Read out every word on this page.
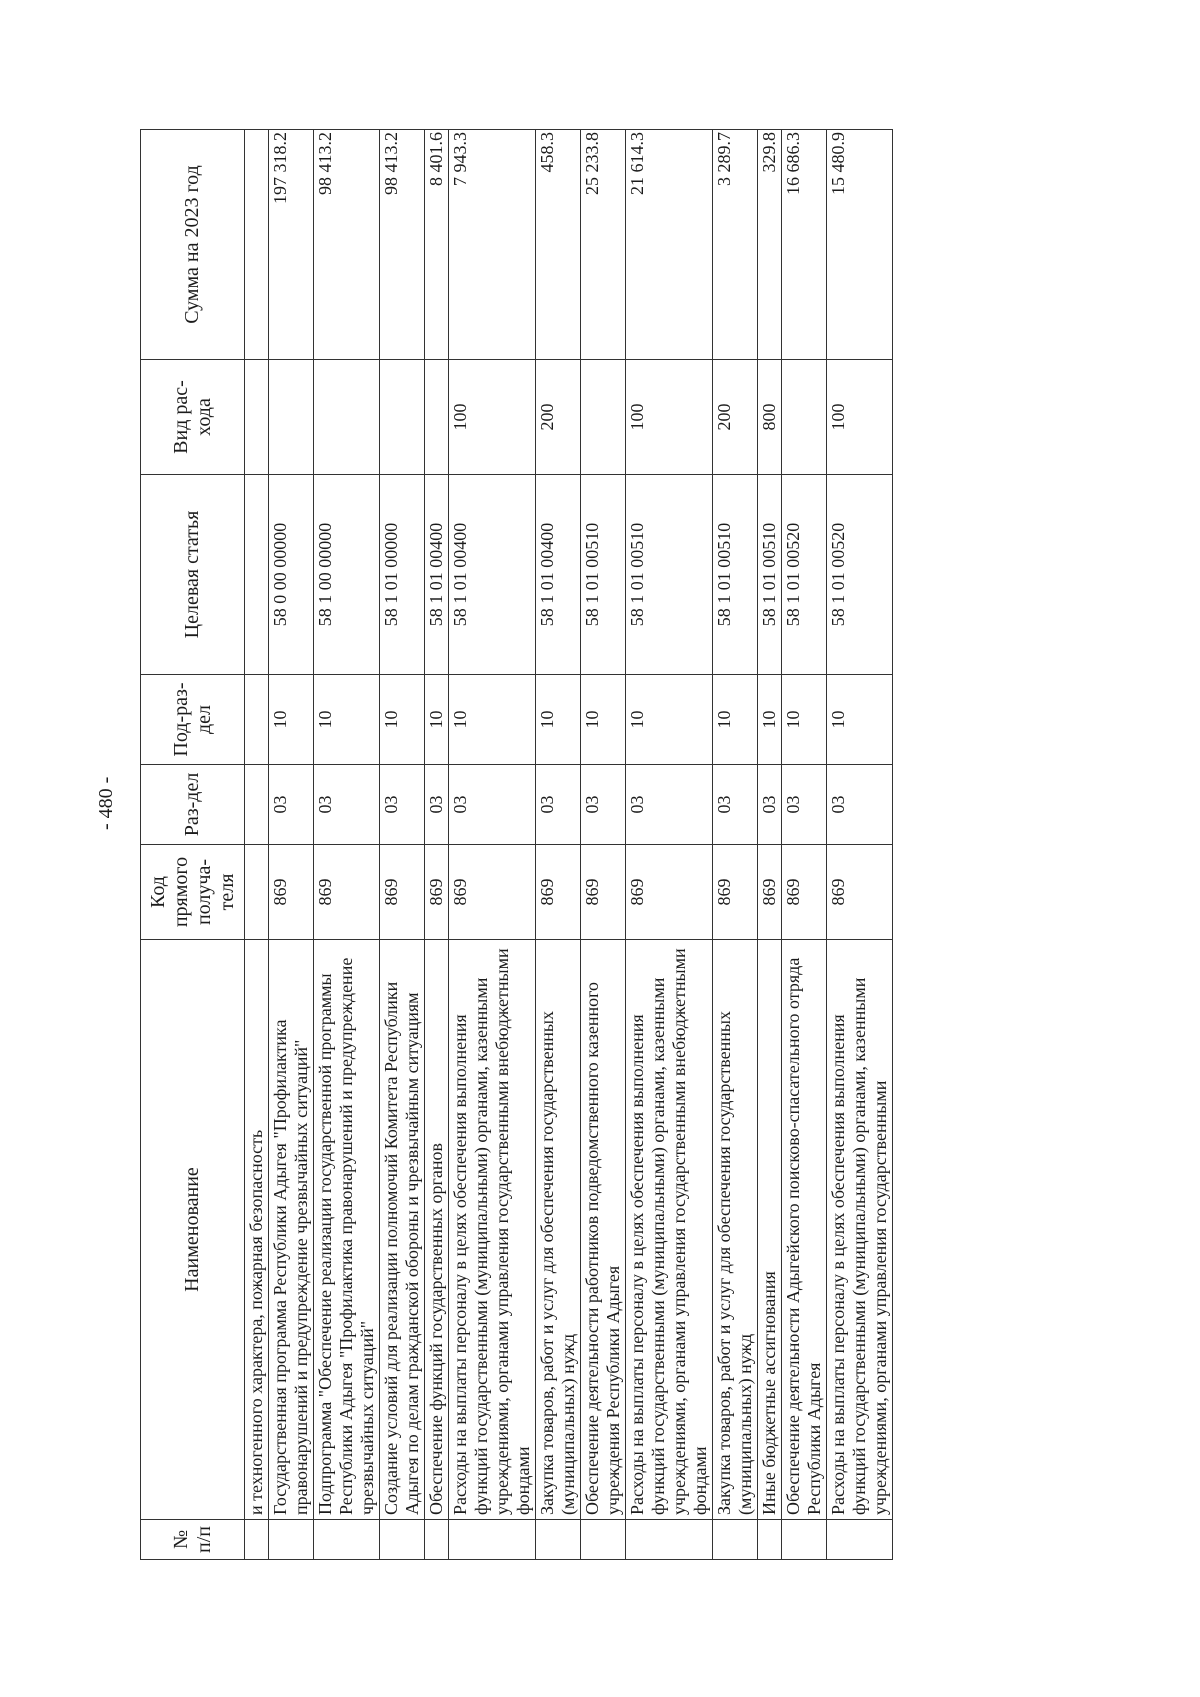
- 480 -
№ п/п	Наименование	Код прямого получа-теля	Раз-дел	Под-раз-дел	Целевая статья	Вид рас-хода	Сумма на 2023 год
	и техногенного характера, пожарная безопасность						
	Государственная программа Республики Адыгея "Профилактика правонарушений и предупреждение чрезвычайных ситуаций"	869	03	10	58 0 00 00000		197 318.2
	Подпрограмма "Обеспечение реализации государственной программы Республики Адыгея "Профилактика правонарушений и предупреждение чрезвычайных ситуаций"	869	03	10	58 1 00 00000		98 413.2
	Создание условий для реализации полномочий Комитета Республики Адыгея по делам гражданской обороны и чрезвычайным ситуациям	869	03	10	58 1 01 00000		98 413.2
	Обеспечение функций государственных органов	869	03	10	58 1 01 00400		8 401.6
	Расходы на выплаты персоналу в целях обеспечения выполнения функций государственными (муниципальными) органами, казенными учреждениями, органами управления государственными внебюджетными фондами	869	03	10	58 1 01 00400	100	7 943.3
	Закупка товаров, работ и услуг для обеспечения государственных (муниципальных) нужд	869	03	10	58 1 01 00400	200	458.3
	Обеспечение деятельности работников подведомственного казенного учреждения Республики Адыгея	869	03	10	58 1 01 00510		25 233.8
	Расходы на выплаты персоналу в целях обеспечения выполнения функций государственными (муниципальными) органами, казенными учреждениями, органами управления государственными внебюджетными фондами	869	03	10	58 1 01 00510	100	21 614.3
	Закупка товаров, работ и услуг для обеспечения государственных (муниципальных) нужд	869	03	10	58 1 01 00510	200	3 289.7
	Иные бюджетные ассигнования	869	03	10	58 1 01 00510	800	329.8
	Обеспечение деятельности Адыгейского поисково-спасательного отряда Республики Адыгея	869	03	10	58 1 01 00520		16 686.3
	Расходы на выплаты персоналу в целях обеспечения выполнения функций государственными (муниципальными) органами, казенными учреждениями, органами управления государственными	869	03	10	58 1 01 00520	100	15 480.9
